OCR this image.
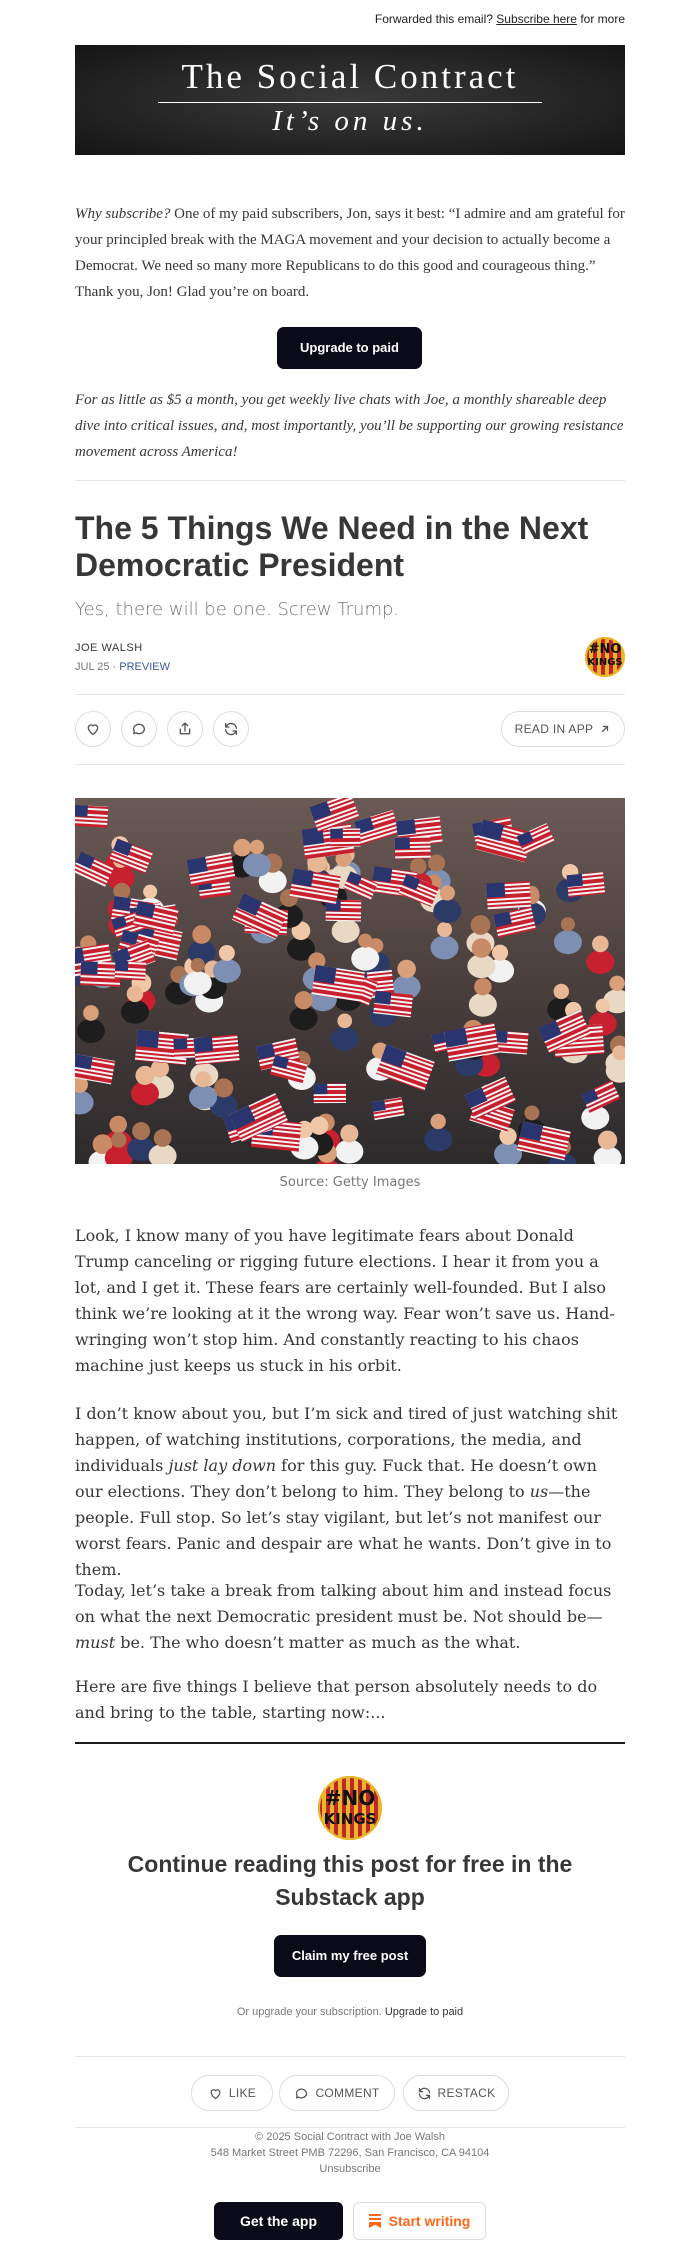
Forwarded this email? Subscribe here for more
The Social Contract
It’s on us.

Why subscribe? One of my paid subscribers, Jon, says it best: “I admire and am grateful for your principled break with the MAGA movement and your decision to actually become a Democrat. We need so many more Republicans to do this good and courageous thing.” Thank you, Jon! Glad you’re on board.

Upgrade to paid

For as little as $5 a month, you get weekly live chats with Joe, a monthly shareable deep dive into critical issues, and, most importantly, you’ll be supporting our growing resistance movement across America!

The 5 Things We Need in the Next Democratic President
Yes, there will be one. Screw Trump.
JOE WALSH
JUL 25 · PREVIEW
#NO
KINGS
READ IN APP
Source: Getty Images

Look, I know many of you have legitimate fears about Donald Trump canceling or rigging future elections. I hear it from you a lot, and I get it. These fears are certainly well-founded. But I also think we’re looking at it the wrong way. Fear won’t save us. Hand-wringing won’t stop him. And constantly reacting to his chaos machine just keeps us stuck in his orbit.

I don’t know about you, but I’m sick and tired of just watching shit happen, of watching institutions, corporations, the media, and individuals just lay down for this guy. Fuck that. He doesn’t own our elections. They don’t belong to him. They belong to us—the people. Full stop. So let’s stay vigilant, but let’s not manifest our worst fears. Panic and despair are what he wants. Don’t give in to them.

Today, let’s take a break from talking about him and instead focus on what the next Democratic president must be. Not should be—must be. The who doesn’t matter as much as the what.

Here are five things I believe that person absolutely needs to do and bring to the table, starting now:...

#NO
KINGS
Continue reading this post for free in the Substack app
Claim my free post
Or upgrade your subscription. Upgrade to paid
LIKE	COMMENT	RESTACK
© 2025 Social Contract with Joe Walsh
548 Market Street PMB 72296, San Francisco, CA 94104
Unsubscribe
Get the app	Start writing
